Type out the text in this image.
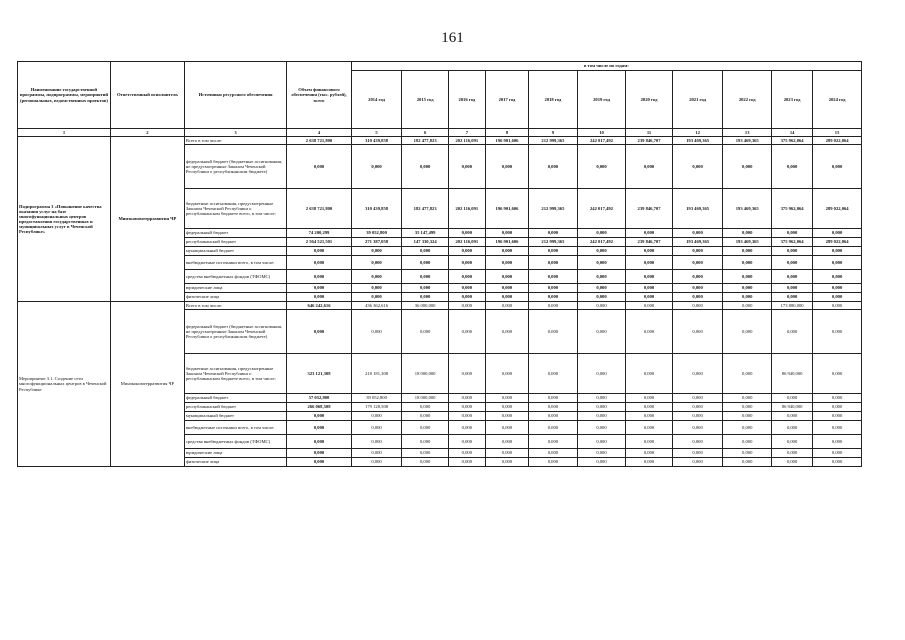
161
Наименование государственной программы, подпрограммы, мероприятий (региональных, ведомственных проектов)	Ответственный исполнитель	Источники ресурсного обеспечения	Объем финансового обеспечения (тыс. рублей), всего	в том числе по годам:										
				2014 год	2015 год	2016 год	2017 год	2018 год	2019 год	2020 год	2021 год	2022 год	2023 год	2024 год
1	2	3	4	5	6	7	8	9	10	11	12	13	14	15
Подпрограмма 3 «Повышение качества оказания услуг на базе многофункциональных центров предоставления государственных и муниципальных услуг в Чеченской Республике»	Минэкономтерразвития ЧР	Всего в том числе:	2 638 721,800	310 439,858	182 477,823	202 116,091	196 901,606	212 999,365	242 017,492	239 846,707	193 469,365	193 469,365	375 962,064	289 022,064
		федеральный бюджет (бюджетные ассигнования, не предусмотренные Законом Чеченской Республики о республиканском бюджете)	0,000	0,000	0,000	0,000	0,000	0,000	0,000	0,000	0,000	0,000	0,000	0,000
		бюджетные ассигнования, предусмотренные Законом Чеченской Республики о республиканском бюджете всего, в том числе:	2 638 721,800	310 439,858	182 477,823	202 116,091	196 901,606	212 999,365	242 017,492	239 846,707	193 469,365	193 469,365	375 962,064	289 022,064
		федеральный бюджет	74 200,299	39 052,800	35 147,499	0,000	0,000	0,000	0,000	0,000	0,000	0,000	0,000	0,000
		республиканский бюджет	2 564 521,501	271 387,058	147 330,324	202 116,091	196 901,606	212 999,365	242 017,492	239 846,707	193 469,365	193 469,365	375 962,064	289 022,064
		муниципальный бюджет	0,000	0,000	0,000	0,000	0,000	0,000	0,000	0,000	0,000	0,000	0,000	0,000
		внебюджетные источники всего, в том числе:	0,000	0,000	0,000	0,000	0,000	0,000	0,000	0,000	0,000	0,000	0,000	0,000
		средства внебюджетных фондов (ТФОМС)	0,000	0,000	0,000	0,000	0,000	0,000	0,000	0,000	0,000	0,000	0,000	0,000
		юридические лица	0,000	0,000	0,000	0,000	0,000	0,000	0,000	0,000	0,000	0,000	0,000	0,000
		физические лица	0,000	0,000	0,000	0,000	0,000	0,000	0,000	0,000	0,000	0,000	0,000	0,000
Мероприятие 3.1. Создение сети многофункциональных центров в Чеченской Республике	Минэкономтерразвития ЧР	Всего в том числе:	646 242,616	436 362,616	36 000,000	0,000	0,000	0,000	0,000	0,000	0,000	0,000	173 880,000	0,000
		федеральный бюджет (бюджетные ассигнования, не предусмотренные Законом Чеченской Республики о республиканском бюджете)	0,000	0,000	0,000	0,000	0,000	0,000	0,000	0,000	0,000	0,000	0,000	0,000
		бюджетные ассигнования, предусмотренные Законом Чеченской Республики о республиканском бюджете всего, в том числе:	323 121,308	218 181,308	18 000,000	0,000	0,000	0,000	0,000	0,000	0,000	0,000	86 940,000	0,000
		федеральный бюджет	57 052,800	39 052,800	18 000,000	0,000	0,000	0,000	0,000	0,000	0,000	0,000	0,000	0,000
		республиканский бюджет	266 068,508	179 128,508	0,000	0,000	0,000	0,000	0,000	0,000	0,000	0,000	86 940,000	0,000
		муниципальный бюджет	0,000	0,000	0,000	0,000	0,000	0,000	0,000	0,000	0,000	0,000	0,000	0,000
		внебюджетные источники всего, в том числе:	0,000	0,000	0,000	0,000	0,000	0,000	0,000	0,000	0,000	0,000	0,000	0,000
		средства внебюджетных фондов (ТФОМС)	0,000	0,000	0,000	0,000	0,000	0,000	0,000	0,000	0,000	0,000	0,000	0,000
		юридические лица	0,000	0,000	0,000	0,000	0,000	0,000	0,000	0,000	0,000	0,000	0,000	0,000
		физические лица	0,000	0,000	0,000	0,000	0,000	0,000	0,000	0,000	0,000	0,000	0,000	0,000
